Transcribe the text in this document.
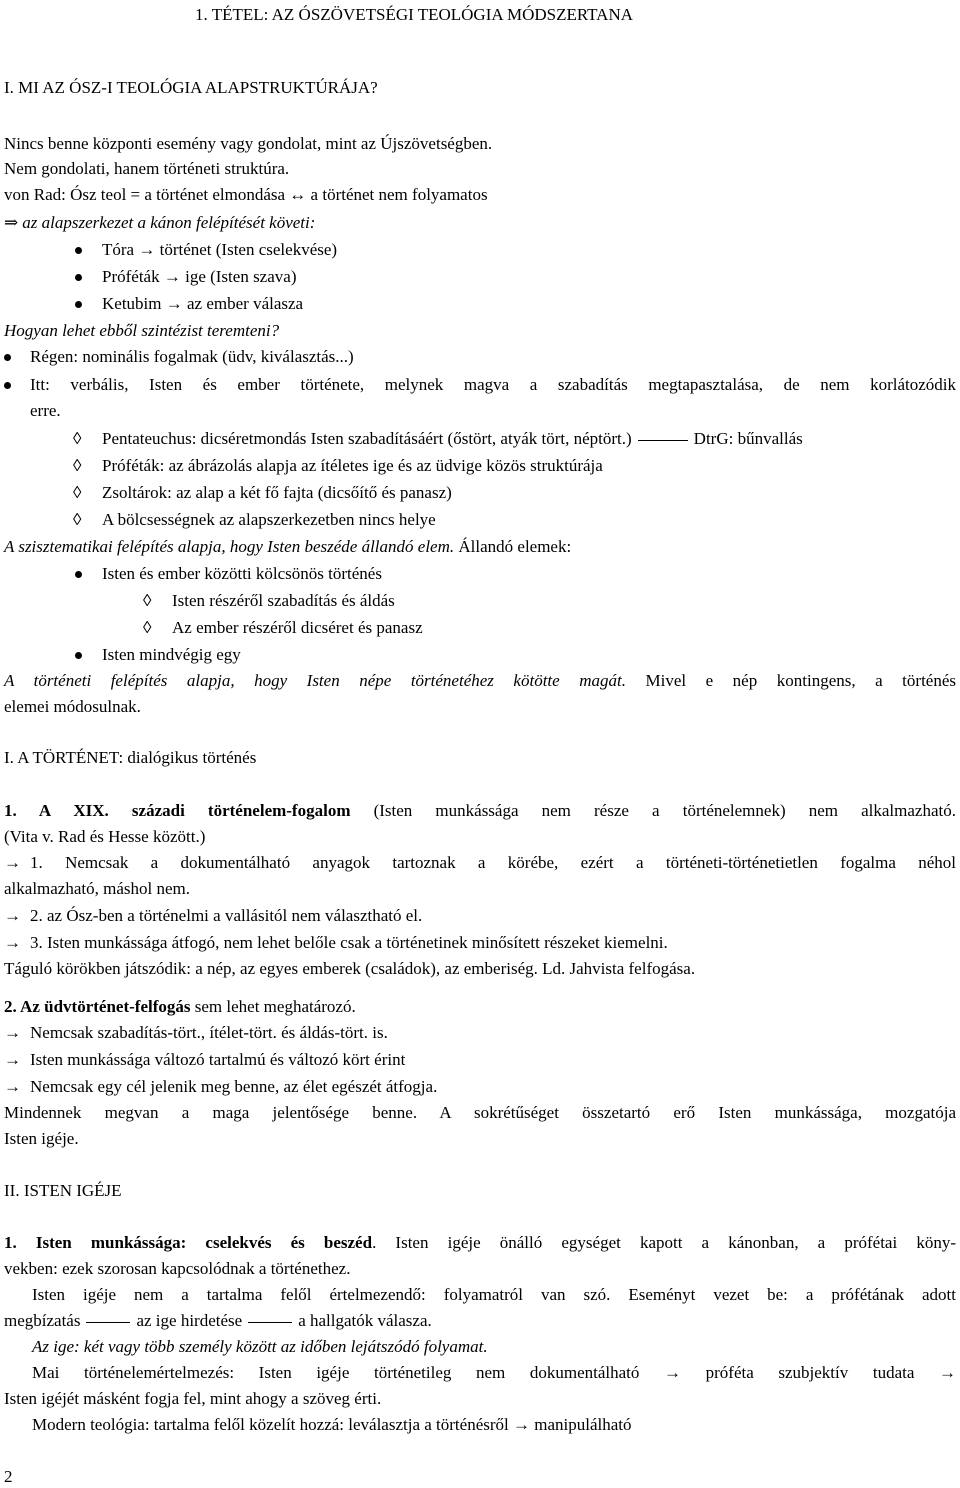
1. TÉTEL: AZ ÓSZÖVETSÉGI TEOLÓGIA MÓDSZERTANA
I. MI AZ ÓSZ-I TEOLÓGIA ALAPSTRUKTÚRÁJA?
Nincs benne központi esemény vagy gondolat, mint az Újszövetségben.
Nem gondolati, hanem történeti struktúra.
von Rad: Ósz teol = a történet elmondása ↔ a történet nem folyamatos
⇒ az alapszerkezet a kánon felépítését követi:
Tóra → történet (Isten cselekvése)
Próféták → ige (Isten szava)
Ketubim → az ember válasza
Hogyan lehet ebből szintézist teremteni?
Régen: nominális fogalmak (üdv, kiválasztás...)
Itt: verbális, Isten és ember története, melynek magva a szabadítás megtapasztalása, de nem korlátozódik
erre.
◊ Pentateuchus: dicséretmondás Isten szabadításáért (őstört, atyák tört, néptört.)	DtrG: bűnvallás
◊ Próféták: az ábrázolás alapja az ítéletes ige és az üdvige közös struktúrája
◊ Zsoltárok: az alap a két fő fajta (dicsőítő és panasz)
◊ A bölcsességnek az alapszerkezetben nincs helye
A szisztematikai felépítés alapja, hogy Isten beszéde állandó elem. Állandó elemek:
Isten és ember közötti kölcsönös történés
◊ Isten részéről szabadítás és áldás
◊ Az ember részéről dicséret és panasz
Isten mindvégig egy
A történeti felépítés alapja, hogy Isten népe történetéhez kötötte magát. Mivel e nép kontingens, a történés
elemei módosulnak.
I. A TÖRTÉNET: dialógikus történés
1. A XIX. századi történelem-fogalom (Isten munkássága nem része a történelemnek) nem alkalmazható.
(Vita v. Rad és Hesse között.)
→ 1. Nemcsak a dokumentálható anyagok tartoznak a körébe, ezért a történeti-történetietlen fogalma néhol
alkalmazható, máshol nem.
→ 2. az Ósz-ben a történelmi a vallásitól nem választható el.
→ 3. Isten munkássága átfogó, nem lehet belőle csak a történetinek minősített részeket kiemelni.
Táguló körökben játszódik: a nép, az egyes emberek (családok), az emberiség. Ld. Jahvista felfogása.
2. Az üdvtörténet-felfogás sem lehet meghatározó.
→ Nemcsak szabadítás-tört., ítélet-tört. és áldás-tört. is.
→ Isten munkássága változó tartalmú és változó kört érint
→ Nemcsak egy cél jelenik meg benne, az élet egészét átfogja.
Mindennek megvan a maga jelentősége benne. A sokrétűséget összetartó erő Isten munkássága, mozgatója
Isten igéje.
II. ISTEN IGÉJE
1. Isten munkássága: cselekvés és beszéd. Isten igéje önálló egységet kapott a kánonban, a prófétai köny-
vekben: ezek szorosan kapcsolódnak a történethez.
Isten igéje nem a tartalma felől értelmezendő: folyamatról van szó. Eseményt vezet be: a prófétának adott
megbízatás	az ige hirdetése	a hallgatók válasza.
Az ige: két vagy több személy között az időben lejátszódó folyamat.
Mai történelemértelmezés: Isten igéje történetileg nem dokumentálható → próféta szubjektív tudata →
Isten igéjét másként fogja fel, mint ahogy a szöveg érti.
Modern teológia: tartalma felől közelít hozzá: leválasztja a történésről → manipulálható
2
